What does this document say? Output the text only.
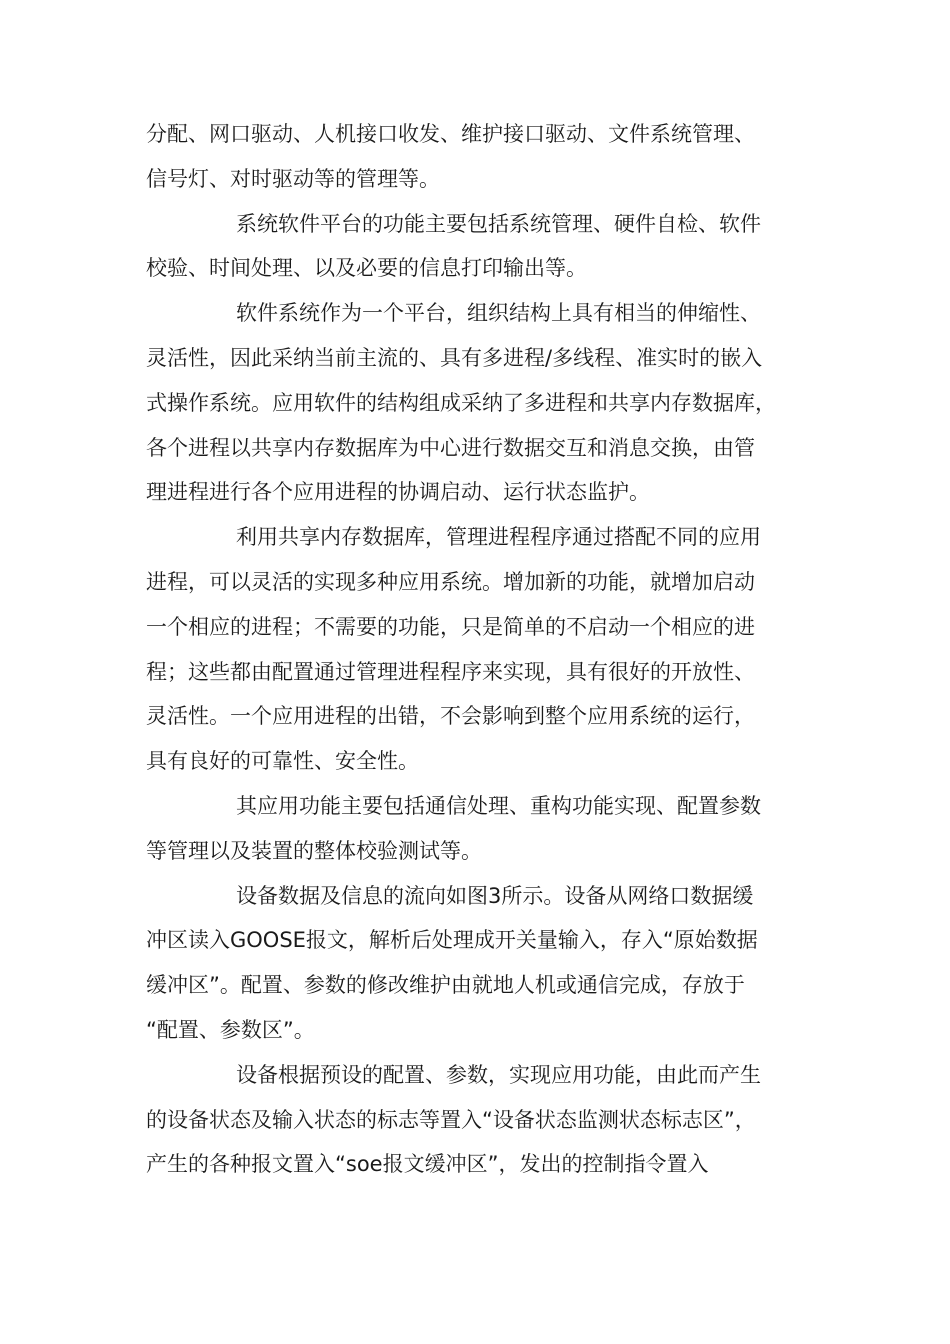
分配、网口驱动、人机接口收发、维护接口驱动、文件系统管理、
信号灯、对时驱动等的管理等。
系统软件平台的功能主要包括系统管理、硬件自检、软件
校验、时间处理、以及必要的信息打印输出等。
软件系统作为一个平台，组织结构上具有相当的伸缩性、
灵活性，因此采纳当前主流的、具有多进程/多线程、准实时的嵌入
式操作系统。应用软件的结构组成采纳了多进程和共享内存数据库，
各个进程以共享内存数据库为中心进行数据交互和消息交换，由管
理进程进行各个应用进程的协调启动、运行状态监护。
利用共享内存数据库，管理进程程序通过搭配不同的应用
进程，可以灵活的实现多种应用系统。增加新的功能，就增加启动
一个相应的进程；不需要的功能，只是简单的不启动一个相应的进
程；这些都由配置通过管理进程程序来实现，具有很好的开放性、
灵活性。一个应用进程的出错，不会影响到整个应用系统的运行，
具有良好的可靠性、安全性。
其应用功能主要包括通信处理、重构功能实现、配置参数
等管理以及装置的整体校验测试等。
设备数据及信息的流向如图3所示。设备从网络口数据缓
冲区读入GOOSE报文，解析后处理成开关量输入，存入“原始数据
缓冲区”。配置、参数的修改维护由就地人机或通信完成，存放于
“配置、参数区”。
设备根据预设的配置、参数，实现应用功能，由此而产生
的设备状态及输入状态的标志等置入“设备状态监测状态标志区”，
产生的各种报文置入“soe报文缓冲区”，发出的控制指令置入
